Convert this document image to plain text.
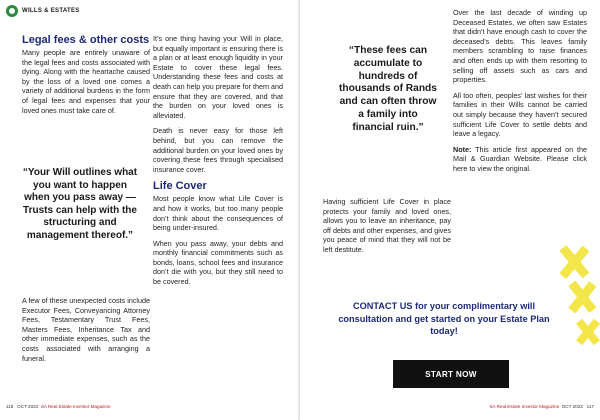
WILLS & ESTATES
Legal fees & other costs

Many people are entirely unaware of the legal fees and costs associated with dying. Along with the heartache caused by the loss of a loved one comes a variety of additional burdens in the form of legal fees and expenses that your loved ones must take care of.

“Your Will outlines what you want to happen when you pass away — Trusts can help with the structuring and management thereof.”

A few of these unexpected costs include Executor Fees, Conveyancing Attorney Fees, Testamentary Trust Fees, Masters Fees, Inheritance Tax and other immediate expenses, such as the costs associated with arranging a funeral.

It’s one thing having your Will in place, but equally important is ensuring there is a plan or at least enough liquidity in your Estate to cover these legal fees. Understanding these fees and costs at death can help you prepare for them and ensure that they are covered, and that the burden on your loved ones is alleviated.

Death is never easy for those left behind, but you can remove the additional burden on your loved ones by covering these fees through specialised insurance cover.

Life Cover

Most people know what Life Cover is and how it works, but too many people don’t think about the consequences of being under-insured.

When you pass away, your debts and monthly financial commitments such as bonds, loans, school fees and insurance don’t die with you, but they still need to be covered.

116 OCT 2022 SA Real Estate Investor Magazine	SA Real Estate Investor Magazine OCT 2022 117
“These fees can accumulate to hundreds of thousands of Rands and can often throw a family into financial ruin.”

Having sufficient Life Cover in place protects your family and loved ones, allows you to leave an inheritance, pay off debts and other expenses, and gives you peace of mind that they will not be left destitute.

Over the last decade of winding up Deceased Estates, we often saw Estates that didn’t have enough cash to cover the deceased’s debts. This leaves family members scrambling to raise finances and often ends up with them resorting to selling off assets such as cars and properties.

All too often, peoples’ last wishes for their families in their Wills cannot be carried out simply because they haven’t secured sufficient Life Cover to settle debts and leave a legacy.

Note: This article first appeared on the Mail & Guardian Website. Please click here to view the original.

CONTACT US for your complimentary will consultation and get started on your Estate Plan today!
START NOW
